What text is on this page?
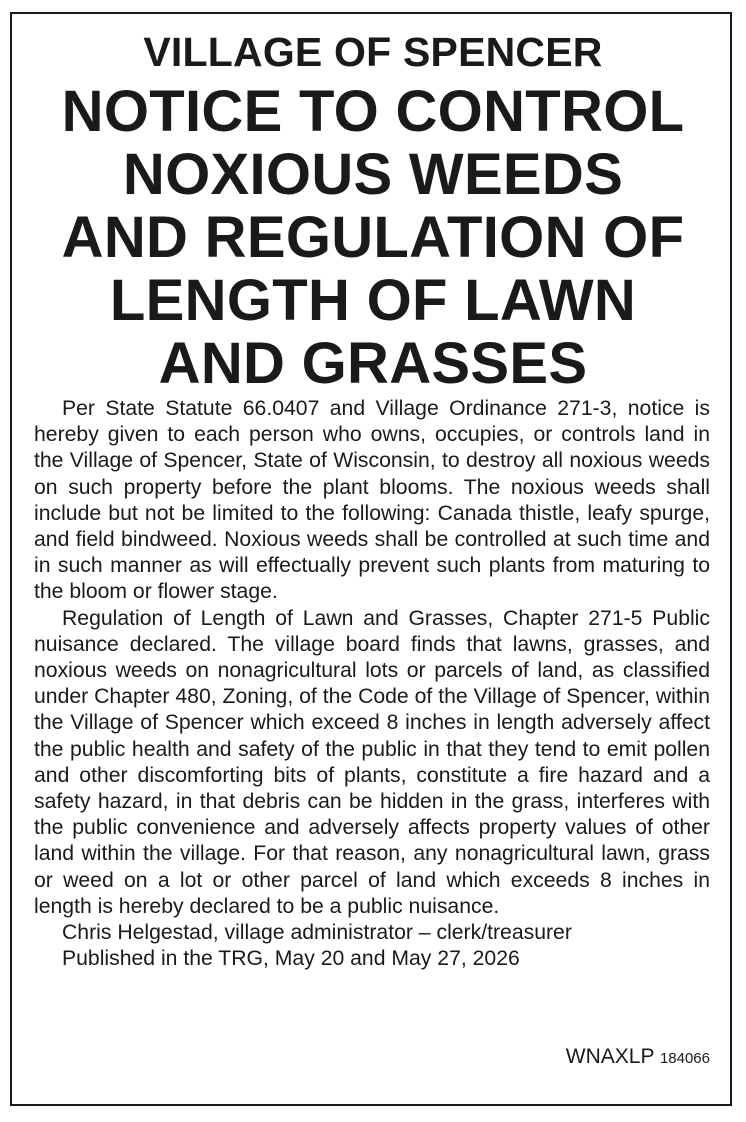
VILLAGE OF SPENCER
NOTICE TO CONTROL
NOXIOUS WEEDS
AND REGULATION OF
LENGTH OF LAWN
AND GRASSES

Per State Statute 66.0407 and Village Ordinance 271-3, notice is hereby given to each person who owns, occupies, or controls land in the Village of Spencer, State of Wisconsin, to destroy all noxious weeds on such property before the plant blooms. The noxious weeds shall include but not be limited to the following: Canada thistle, leafy spurge, and field bindweed. Noxious weeds shall be controlled at such time and in such manner as will effectually prevent such plants from maturing to the bloom or flower stage.

Regulation of Length of Lawn and Grasses, Chapter 271-5 Public nuisance declared. The village board finds that lawns, grasses, and noxious weeds on nonagricultural lots or parcels of land, as classified under Chapter 480, Zoning, of the Code of the Village of Spencer, within the Village of Spencer which exceed 8 inches in length adversely affect the public health and safety of the public in that they tend to emit pollen and other discomforting bits of plants, constitute a fire hazard and a safety hazard, in that debris can be hidden in the grass, interferes with the public convenience and adversely affects property values of other land within the village. For that reason, any nonagricultural lawn, grass or weed on a lot or other parcel of land which exceeds 8 inches in length is hereby declared to be a public nuisance.

Chris Helgestad, village administrator – clerk/treasurer
Published in the TRG, May 20 and May 27, 2026
WNAXLP 184066
